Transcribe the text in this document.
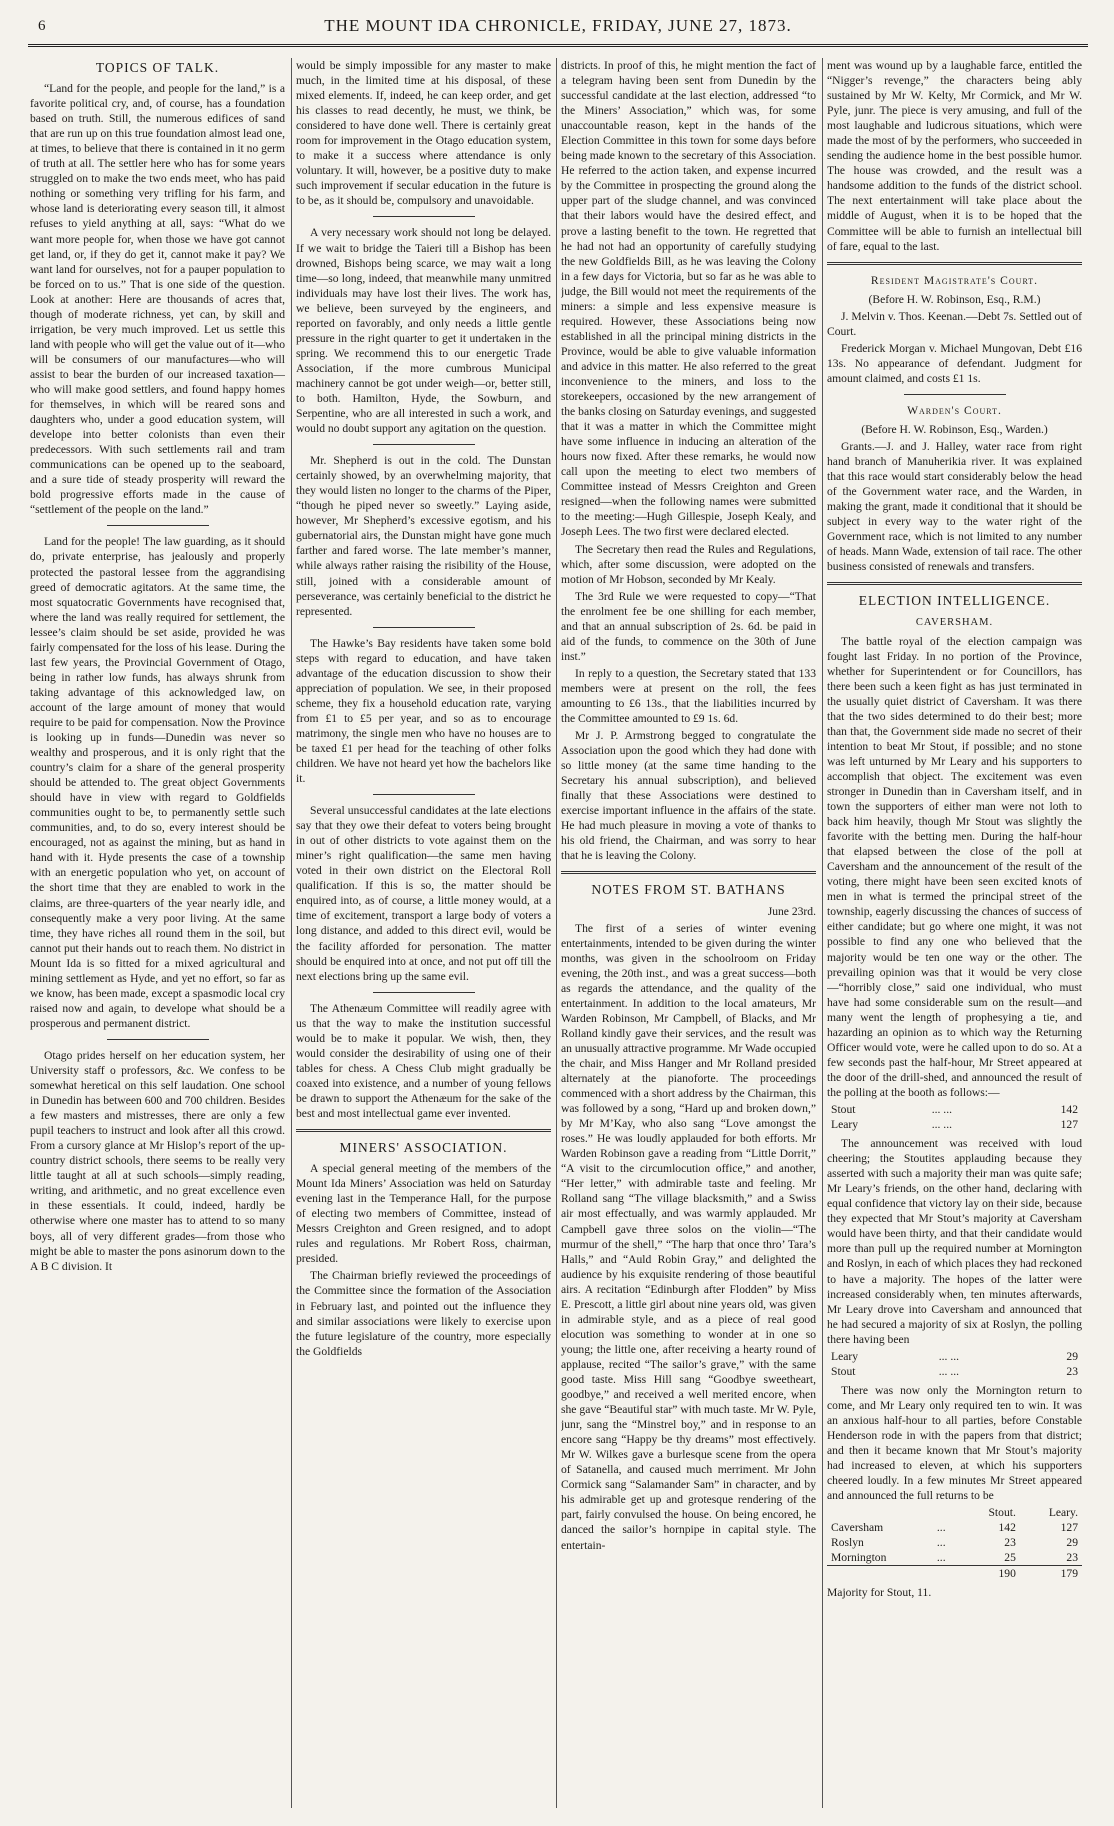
6	THE MOUNT IDA CHRONICLE, FRIDAY, JUNE 27, 1873.
TOPICS OF TALK.

“Land for the people, and people for the land,” is a favorite political cry, and, of course, has a foundation based on truth. Still, the numerous edifices of sand that are run up on this true foundation almost lead one, at times, to believe that there is contained in it no germ of truth at all. The settler here who has for some years struggled on to make the two ends meet, who has paid nothing or something very trifling for his farm, and whose land is deteriorating every season till, it almost refuses to yield anything at all, says: “What do we want more people for, when those we have got cannot get land, or, if they do get it, cannot make it pay? We want land for ourselves, not for a pauper population to be forced on to us.” That is one side of the question. Look at another: Here are thousands of acres that, though of moderate richness, yet can, by skill and irrigation, be very much improved. Let us settle this land with people who will get the value out of it—who will be consumers of our manufactures—who will assist to bear the burden of our increased taxation—who will make good settlers, and found happy homes for themselves, in which will be reared sons and daughters who, under a good education system, will develope into better colonists than even their predecessors. With such settlements rail and tram communications can be opened up to the seaboard, and a sure tide of steady prosperity will reward the bold progressive efforts made in the cause of “settlement of the people on the land.”

Land for the people! The law guarding, as it should do, private enterprise, has jealously and properly protected the pastoral lessee from the aggrandising greed of democratic agitators. At the same time, the most squatocratic Governments have recognised that, where the land was really required for settlement, the lessee’s claim should be set aside, provided he was fairly compensated for the loss of his lease. During the last few years, the Provincial Government of Otago, being in rather low funds, has always shrunk from taking advantage of this acknowledged law, on account of the large amount of money that would require to be paid for compensation. Now the Province is looking up in funds—Dunedin was never so wealthy and prosperous, and it is only right that the country’s claim for a share of the general prosperity should be attended to. The great object Governments should have in view with regard to Goldfields communities ought to be, to permanently settle such communities, and, to do so, every interest should be encouraged, not as against the mining, but as hand in hand with it. Hyde presents the case of a township with an energetic population who yet, on account of the short time that they are enabled to work in the claims, are three-quarters of the year nearly idle, and consequently make a very poor living. At the same time, they have riches all round them in the soil, but cannot put their hands out to reach them. No district in Mount Ida is so fitted for a mixed agricultural and mining settlement as Hyde, and yet no effort, so far as we know, has been made, except a spasmodic local cry raised now and again, to develope what should be a prosperous and permanent district.

Otago prides herself on her education system, her University staff o professors, &c. We confess to be somewhat heretical on this self laudation. One school in Dunedin has between 600 and 700 children. Besides a few masters and mistresses, there are only a few pupil teachers to instruct and look after all this crowd. From a cursory glance at Mr Hislop’s report of the up-country district schools, there seems to be really very little taught at all at such schools—simply reading, writing, and arithmetic, and no great excellence even in these essentials. It could, indeed, hardly be otherwise where one master has to attend to so many boys, all of very different grades—from those who might be able to master the pons asinorum down to the A B C division. It

would be simply impossible for any master to make much, in the limited time at his disposal, of these mixed elements. If, indeed, he can keep order, and get his classes to read decently, he must, we think, be considered to have done well. There is certainly great room for improvement in the Otago education system, to make it a success where attendance is only voluntary. It will, however, be a positive duty to make such improvement if secular education in the future is to be, as it should be, compulsory and unavoidable.

A very necessary work should not long be delayed. If we wait to bridge the Taieri till a Bishop has been drowned, Bishops being scarce, we may wait a long time—so long, indeed, that meanwhile many unmitred individuals may have lost their lives. The work has, we believe, been surveyed by the engineers, and reported on favorably, and only needs a little gentle pressure in the right quarter to get it undertaken in the spring. We recommend this to our energetic Trade Association, if the more cumbrous Municipal machinery cannot be got under weigh—or, better still, to both. Hamilton, Hyde, the Sowburn, and Serpentine, who are all interested in such a work, and would no doubt support any agitation on the question.

Mr. Shepherd is out in the cold. The Dunstan certainly showed, by an overwhelming majority, that they would listen no longer to the charms of the Piper, “though he piped never so sweetly.” Laying aside, however, Mr Shepherd’s excessive egotism, and his gubernatorial airs, the Dunstan might have gone much farther and fared worse. The late member’s manner, while always rather raising the risibility of the House, still, joined with a considerable amount of perseverance, was certainly beneficial to the district he represented.

The Hawke’s Bay residents have taken some bold steps with regard to education, and have taken advantage of the education discussion to show their appreciation of population. We see, in their proposed scheme, they fix a household education rate, varying from £1 to £5 per year, and so as to encourage matrimony, the single men who have no houses are to be taxed £1 per head for the teaching of other folks children. We have not heard yet how the bachelors like it.

Several unsuccessful candidates at the late elections say that they owe their defeat to voters being brought in out of other districts to vote against them on the miner’s right qualification—the same men having voted in their own district on the Electoral Roll qualification. If this is so, the matter should be enquired into, as of course, a little money would, at a time of excitement, transport a large body of voters a long distance, and added to this direct evil, would be the facility afforded for personation. The matter should be enquired into at once, and not put off till the next elections bring up the same evil.

The Athenæum Committee will readily agree with us that the way to make the institution successful would be to make it popular. We wish, then, they would consider the desirability of using one of their tables for chess. A Chess Club might gradually be coaxed into existence, and a number of young fellows be drawn to support the Athenæum for the sake of the best and most intellectual game ever invented.

MINERS' ASSOCIATION.

A special general meeting of the members of the Mount Ida Miners’ Association was held on Saturday evening last in the Temperance Hall, for the purpose of electing two members of Committee, instead of Messrs Creighton and Green resigned, and to adopt rules and regulations. Mr Robert Ross, chairman, presided.

The Chairman briefly reviewed the proceedings of the Committee since the formation of the Association in February last, and pointed out the influence they and similar associations were likely to exercise upon the future legislature of the country, more especially the Goldfields

districts. In proof of this, he might mention the fact of a telegram having been sent from Dunedin by the successful candidate at the last election, addressed “to the Miners’ Association,” which was, for some unaccountable reason, kept in the hands of the Election Committee in this town for some days before being made known to the secretary of this Association. He referred to the action taken, and expense incurred by the Committee in prospecting the ground along the upper part of the sludge channel, and was convinced that their labors would have the desired effect, and prove a lasting benefit to the town. He regretted that he had not had an opportunity of carefully studying the new Goldfields Bill, as he was leaving the Colony in a few days for Victoria, but so far as he was able to judge, the Bill would not meet the requirements of the miners: a simple and less expensive measure is required. However, these Associations being now established in all the principal mining districts in the Province, would be able to give valuable information and advice in this matter. He also referred to the great inconvenience to the miners, and loss to the storekeepers, occasioned by the new arrangement of the banks closing on Saturday evenings, and suggested that it was a matter in which the Committee might have some influence in inducing an alteration of the hours now fixed. After these remarks, he would now call upon the meeting to elect two members of Committee instead of Messrs Creighton and Green resigned—when the following names were submitted to the meeting:—Hugh Gillespie, Joseph Kealy, and Joseph Lees. The two first were declared elected.

The Secretary then read the Rules and Regulations, which, after some discussion, were adopted on the motion of Mr Hobson, seconded by Mr Kealy.

The 3rd Rule we were requested to copy—“That the enrolment fee be one shilling for each member, and that an annual subscription of 2s. 6d. be paid in aid of the funds, to commence on the 30th of June inst.”

In reply to a question, the Secretary stated that 133 members were at present on the roll, the fees amounting to £6 13s., that the liabilities incurred by the Committee amounted to £9 1s. 6d.

Mr J. P. Armstrong begged to congratulate the Association upon the good which they had done with so little money (at the same time handing to the Secretary his annual subscription), and believed finally that these Associations were destined to exercise important influence in the affairs of the state. He had much pleasure in moving a vote of thanks to his old friend, the Chairman, and was sorry to hear that he is leaving the Colony.

NOTES FROM ST. BATHANS

June 23rd.

The first of a series of winter evening entertainments, intended to be given during the winter months, was given in the schoolroom on Friday evening, the 20th inst., and was a great success—both as regards the attendance, and the quality of the entertainment. In addition to the local amateurs, Mr Warden Robinson, Mr Campbell, of Blacks, and Mr Rolland kindly gave their services, and the result was an unusually attractive programme. Mr Wade occupied the chair, and Miss Hanger and Mr Rolland presided alternately at the pianoforte. The proceedings commenced with a short address by the Chairman, this was followed by a song, “Hard up and broken down,” by Mr M’Kay, who also sang “Love amongst the roses.” He was loudly applauded for both efforts. Mr Warden Robinson gave a reading from “Little Dorrit,” “A visit to the circumlocution office,” and another, “Her letter,” with admirable taste and feeling. Mr Rolland sang “The village blacksmith,” and a Swiss air most effectually, and was warmly applauded. Mr Campbell gave three solos on the violin—“The murmur of the shell,” “The harp that once thro’ Tara’s Halls,” and “Auld Robin Gray,” and delighted the audience by his exquisite rendering of those beautiful airs. A recitation “Edinburgh after Flodden” by Miss E. Prescott, a little girl about nine years old, was given in admirable style, and as a piece of real good elocution was something to wonder at in one so young; the little one, after receiving a hearty round of applause, recited “The sailor’s grave,” with the same good taste. Miss Hill sang “Goodbye sweetheart, goodbye,” and received a well merited encore, when she gave “Beautiful star” with much taste. Mr W. Pyle, junr, sang the “Minstrel boy,” and in response to an encore sang “Happy be thy dreams” most effectively. Mr W. Wilkes gave a burlesque scene from the opera of Satanella, and caused much merriment. Mr John Cormick sang “Salamander Sam” in character, and by his admirable get up and grotesque rendering of the part, fairly convulsed the house. On being encored, he danced the sailor’s hornpipe in capital style. The entertain-

ment was wound up by a laughable farce, entitled the “Nigger’s revenge,” the characters being ably sustained by Mr W. Kelty, Mr Cormick, and Mr W. Pyle, junr. The piece is very amusing, and full of the most laughable and ludicrous situations, which were made the most of by the performers, who succeeded in sending the audience home in the best possible humor. The house was crowded, and the result was a handsome addition to the funds of the district school. The next entertainment will take place about the middle of August, when it is to be hoped that the Committee will be able to furnish an intellectual bill of fare, equal to the last.

Resident Magistrate's Court.

(Before H. W. Robinson, Esq., R.M.)

J. Melvin v. Thos. Keenan.—Debt 7s. Settled out of Court.

Frederick Morgan v. Michael Mungovan, Debt £16 13s. No appearance of defendant. Judgment for amount claimed, and costs £1 1s.

Warden's Court.

(Before H. W. Robinson, Esq., Warden.)

Grants.—J. and J. Halley, water race from right hand branch of Manuherikia river. It was explained that this race would start considerably below the head of the Government water race, and the Warden, in making the grant, made it conditional that it should be subject in every way to the water right of the Government race, which is not limited to any number of heads. Mann Wade, extension of tail race. The other business consisted of renewals and transfers.

ELECTION INTELLIGENCE.
CAVERSHAM.

The battle royal of the election campaign was fought last Friday. In no portion of the Province, whether for Superintendent or for Councillors, has there been such a keen fight as has just terminated in the usually quiet district of Caversham. It was there that the two sides determined to do their best; more than that, the Government side made no secret of their intention to beat Mr Stout, if possible; and no stone was left unturned by Mr Leary and his supporters to accomplish that object. The excitement was even stronger in Dunedin than in Caversham itself, and in town the supporters of either man were not loth to back him heavily, though Mr Stout was slightly the favorite with the betting men. During the half-hour that elapsed between the close of the poll at Caversham and the announcement of the result of the voting, there might have been seen excited knots of men in what is termed the principal street of the township, eagerly discussing the chances of success of either candidate; but go where one might, it was not possible to find any one who believed that the majority would be ten one way or the other. The prevailing opinion was that it would be very close—“horribly close,” said one individual, who must have had some considerable sum on the result—and many went the length of prophesying a tie, and hazarding an opinion as to which way the Returning Officer would vote, were he called upon to do so. At a few seconds past the half-hour, Mr Street appeared at the door of the drill-shed, and announced the result of the polling at the booth as follows:—

Stout	... ...	142
Leary	... ...	127

The announcement was received with loud cheering; the Stoutites applauding because they asserted with such a majority their man was quite safe; Mr Leary’s friends, on the other hand, declaring with equal confidence that victory lay on their side, because they expected that Mr Stout’s majority at Caversham would have been thirty, and that their candidate would more than pull up the required number at Mornington and Roslyn, in each of which places they had reckoned to have a majority. The hopes of the latter were increased considerably when, ten minutes afterwards, Mr Leary drove into Caversham and announced that he had secured a majority of six at Roslyn, the polling there having been

Leary	... ...	29
Stout	... ...	23

There was now only the Mornington return to come, and Mr Leary only required ten to win. It was an anxious half-hour to all parties, before Constable Henderson rode in with the papers from that district; and then it became known that Mr Stout’s majority had increased to eleven, at which his supporters cheered loudly. In a few minutes Mr Street appeared and announced the full returns to be

		Stout.	Leary.
Caversham	...	142	127
Roslyn	...	23	29
Mornington	...	25	23
		190	179

Majority for Stout, 11.
